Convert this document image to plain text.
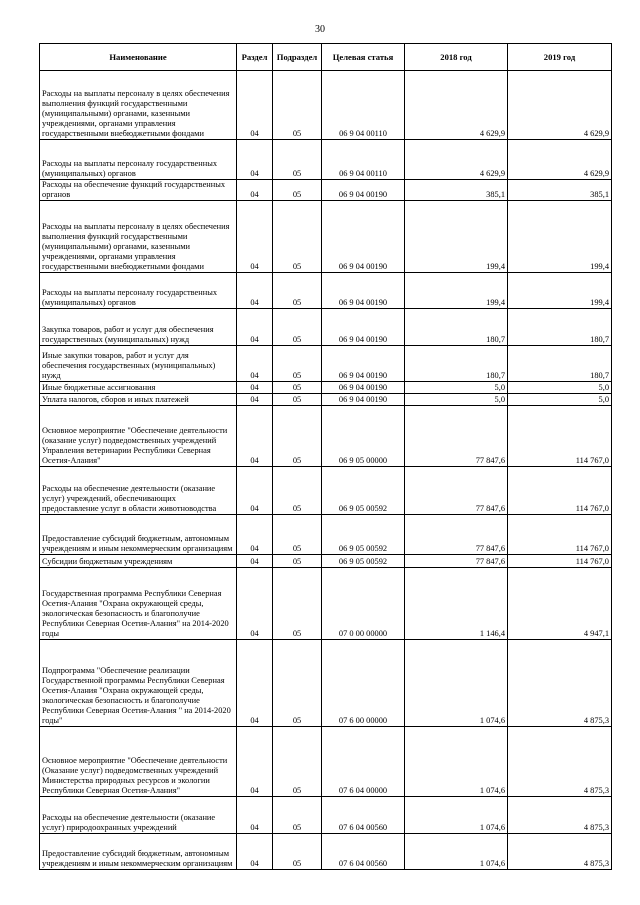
30
Наименование	Раздел	Подраздел	Целевая статья	2018 год	2019 год
Расходы на выплаты персоналу в целях обеспечения выполнения функций государственными (муниципальными) органами, казенными учреждениями, органами управления государственными внебюджетными фондами	04	05	06 9 04 00110	4 629,9	4 629,9
Расходы на выплаты персоналу государственных (муниципальных) органов	04	05	06 9 04 00110	4 629,9	4 629,9
Расходы на обеспечение функций государственных органов	04	05	06 9 04 00190	385,1	385,1
Расходы на выплаты персоналу в целях обеспечения выполнения функций государственными (муниципальными) органами, казенными учреждениями, органами управления государственными внебюджетными фондами	04	05	06 9 04 00190	199,4	199,4
Расходы на выплаты персоналу государственных (муниципальных) органов	04	05	06 9 04 00190	199,4	199,4
Закупка товаров, работ и услуг для обеспечения государственных (муниципальных) нужд	04	05	06 9 04 00190	180,7	180,7
Иные закупки товаров, работ и услуг для обеспечения государственных (муниципальных) нужд	04	05	06 9 04 00190	180,7	180,7
Иные бюджетные ассигнования	04	05	06 9 04 00190	5,0	5,0
Уплата налогов, сборов и иных платежей	04	05	06 9 04 00190	5,0	5,0
Основное мероприятие "Обеспечение деятельности (оказание услуг) подведомственных учреждений Управления ветеринарии Республики Северная Осетия-Алания"	04	05	06 9 05 00000	77 847,6	114 767,0
Расходы на обеспечение деятельности (оказание услуг) учреждений, обеспечивающих предоставление услуг в области животноводства	04	05	06 9 05 00592	77 847,6	114 767,0
Предоставление субсидий бюджетным, автономным учреждениям и иным некоммерческим организациям	04	05	06 9 05 00592	77 847,6	114 767,0
Субсидии бюджетным учреждениям	04	05	06 9 05 00592	77 847,6	114 767,0
Государственная программа Республики Северная Осетия-Алания "Охрана окружающей среды, экологическая безопасность и благополучие Республики Северная Осетия-Алания" на 2014-2020 годы	04	05	07 0 00 00000	1 146,4	4 947,1
Подпрограмма "Обеспечение реализации Государственной программы Республики Северная Осетия-Алания "Охрана окружающей среды, экологическая безопасность и благополучие Республики Северная Осетия-Алания " на 2014-2020 годы"	04	05	07 6 00 00000	1 074,6	4 875,3
Основное мероприятие "Обеспечение деятельности (Оказание услуг) подведомственных учреждений Министерства природных ресурсов и экологии Республики Северная Осетия-Алания"	04	05	07 6 04 00000	1 074,6	4 875,3
Расходы на обеспечение деятельности (оказание услуг) природоохранных учреждений	04	05	07 6 04 00560	1 074,6	4 875,3
Предоставление субсидий бюджетным, автономным учреждениям и иным некоммерческим организациям	04	05	07 6 04 00560	1 074,6	4 875,3
